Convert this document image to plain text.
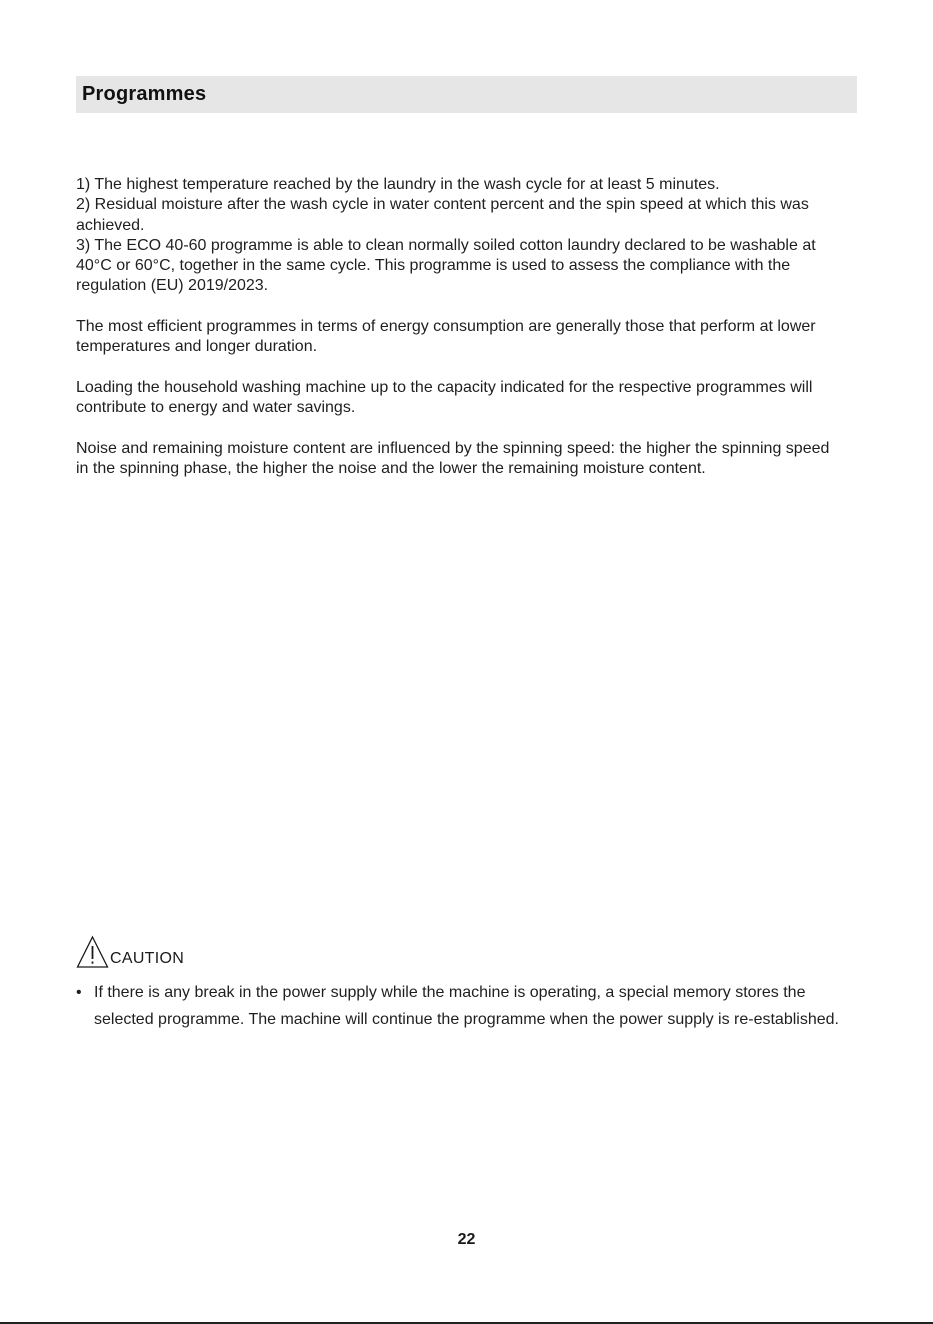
Programmes

1) The highest temperature reached by the laundry in the wash cycle for at least 5 minutes.
2) Residual moisture after the wash cycle in water content percent and the spin speed at which this was achieved.
3) The ECO 40-60 programme is able to clean normally soiled cotton laundry declared to be washable at 40°C or 60°C, together in the same cycle. This programme is used to assess the compliance with the regulation (EU) 2019/2023.

The most efficient programmes in terms of energy consumption are generally those that perform at lower temperatures and longer duration.

Loading the household washing machine up to the capacity indicated for the respective programmes will contribute to energy and water savings.

Noise and remaining moisture content are influenced by the spinning speed: the higher the spinning speed in the spinning phase, the higher the noise and the lower the remaining moisture content.

CAUTION
• If there is any break in the power supply while the machine is operating, a special memory stores the selected programme. The machine will continue the programme when the power supply is re-established.
22
